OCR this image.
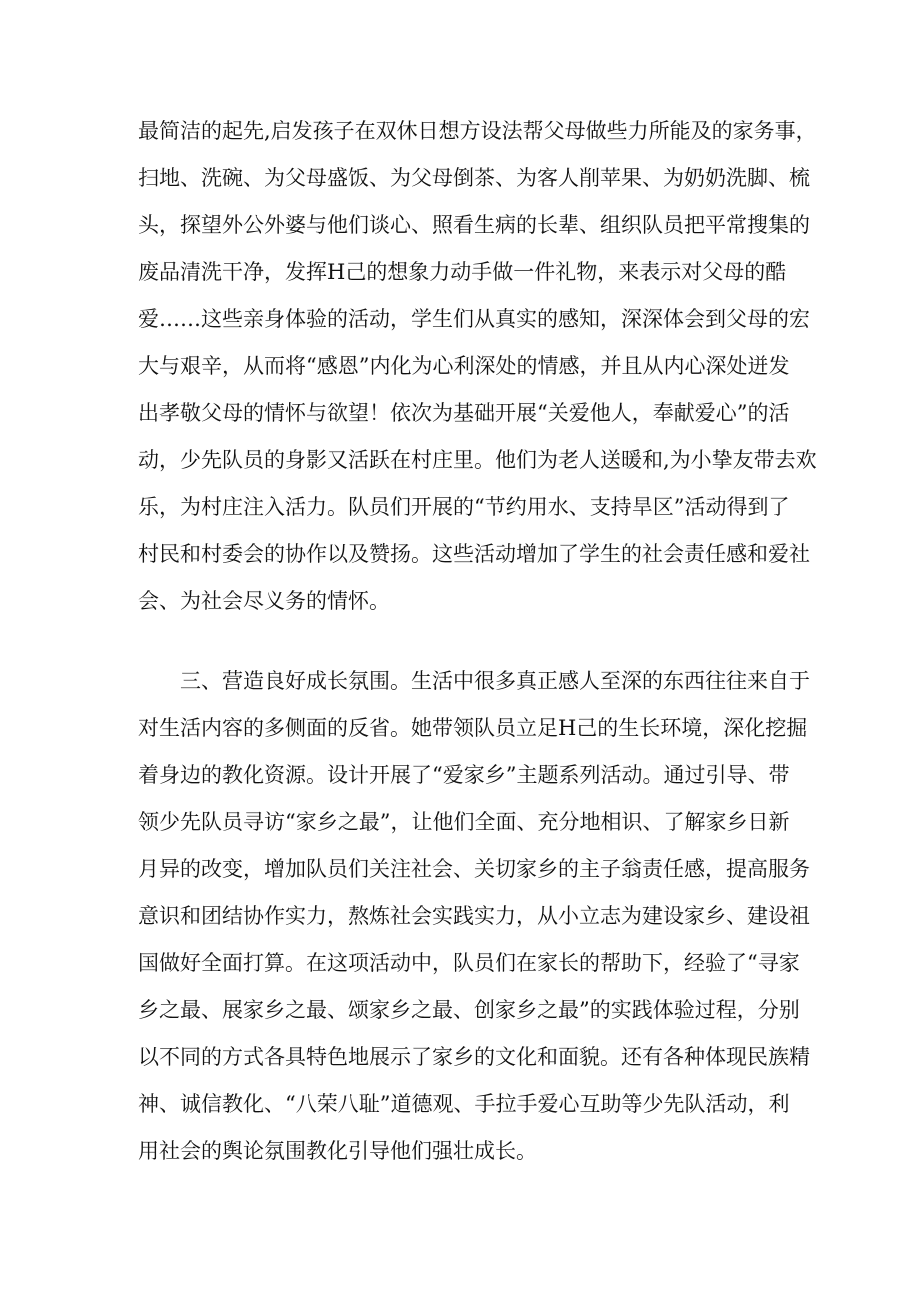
最简洁的起先,启发孩子在双休日想方设法帮父母做些力所能及的家务事，
扫地、洗碗、为父母盛饭、为父母倒茶、为客人削苹果、为奶奶洗脚、梳
头，探望外公外婆与他们谈心、照看生病的长辈、组织队员把平常搜集的
废品清洗干净，发挥H己的想象力动手做一件礼物，来表示对父母的酷
爱……这些亲身体验的活动，学生们从真实的感知，深深体会到父母的宏
大与艰辛，从而将“感恩”内化为心利深处的情感，并且从内心深处迸发
出孝敬父母的情怀与欲望！依次为基础开展“关爱他人，奉献爱心”的活
动，少先队员的身影又活跃在村庄里。他们为老人送暖和,为小挚友带去欢
乐，为村庄注入活力。队员们开展的“节约用水、支持旱区”活动得到了
村民和村委会的协作以及赞扬。这些活动增加了学生的社会责任感和爱社
会、为社会尽义务的情怀。
三、营造良好成长氛围。生活中很多真正感人至深的东西往往来自于
对生活内容的多侧面的反省。她带领队员立足H己的生长环境，深化挖掘
着身边的教化资源。设计开展了“爱家乡”主题系列活动。通过引导、带
领少先队员寻访“家乡之最”，让他们全面、充分地相识、了解家乡日新
月异的改变，增加队员们关注社会、关切家乡的主子翁责任感，提高服务
意识和团结协作实力，熬炼社会实践实力，从小立志为建设家乡、建设祖
国做好全面打算。在这项活动中，队员们在家长的帮助下，经验了“寻家
乡之最、展家乡之最、颂家乡之最、创家乡之最”的实践体验过程，分别
以不同的方式各具特色地展示了家乡的文化和面貌。还有各种体现民族精
神、诚信教化、“八荣八耻”道德观、手拉手爱心互助等少先队活动，利
用社会的舆论氛围教化引导他们强壮成长。
